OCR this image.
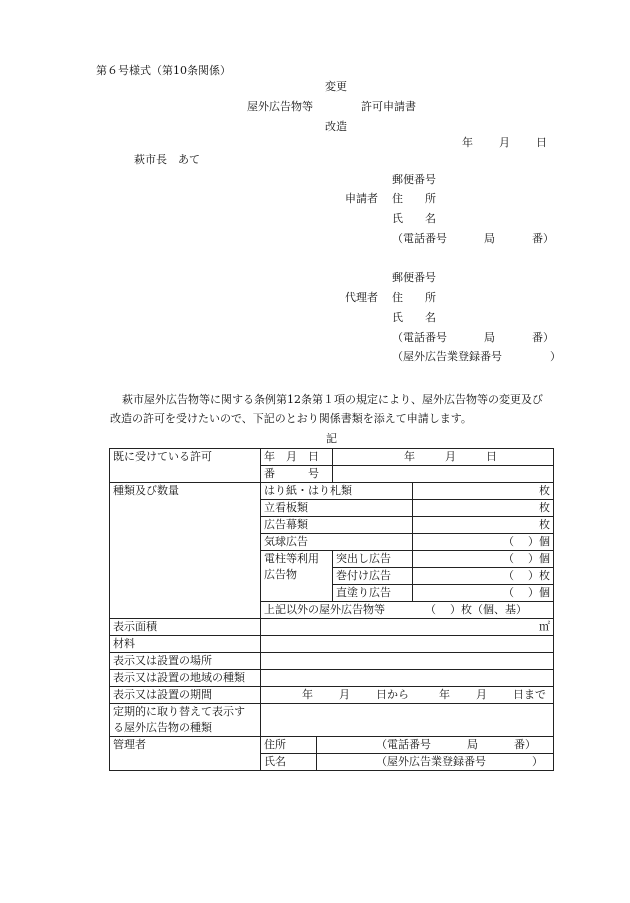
第６号様式（第10条関係）
変更
屋外広告物等	許可申請書
改造
年 月 日
萩市長　あて
郵便番号
申請者 住　　所
氏　　名
（電話番号	局	番）
郵便番号
代理者 住　　所
氏　　名
（電話番号	局	番）
（屋外広告業登録番号	）
萩市屋外広告物等に関する条例第12条第１項の規定により、屋外広告物等の変更及び
改造の許可を受けたいので、下記のとおり関係書類を添えて申請します。
記
既に受けている許可	年　月　日		年 月 日	
	番　　　号			
種類及び数量	はり紙・はり札類			枚
	立看板類			枚
	広告幕類			枚
	気球広告			（ ）個
	電柱等利用
広告物		突出し広告	（ ）個
			巻付け広告	（ ）枚
			直塗り広告	（ ）個
	上記以外の屋外広告物等 （ ）枚（個、基）			
表示面積	㎡			
材料				
表示又は設置の場所				
表示又は設置の地域の種類				
表示又は設置の期間	年 月 日から 年 月 日まで			
定期的に取り替えて表示す
る屋外広告物の種類				
管理者	住所	（電話番号 局 番）		
	氏名	（屋外広告業登録番号 ）		
